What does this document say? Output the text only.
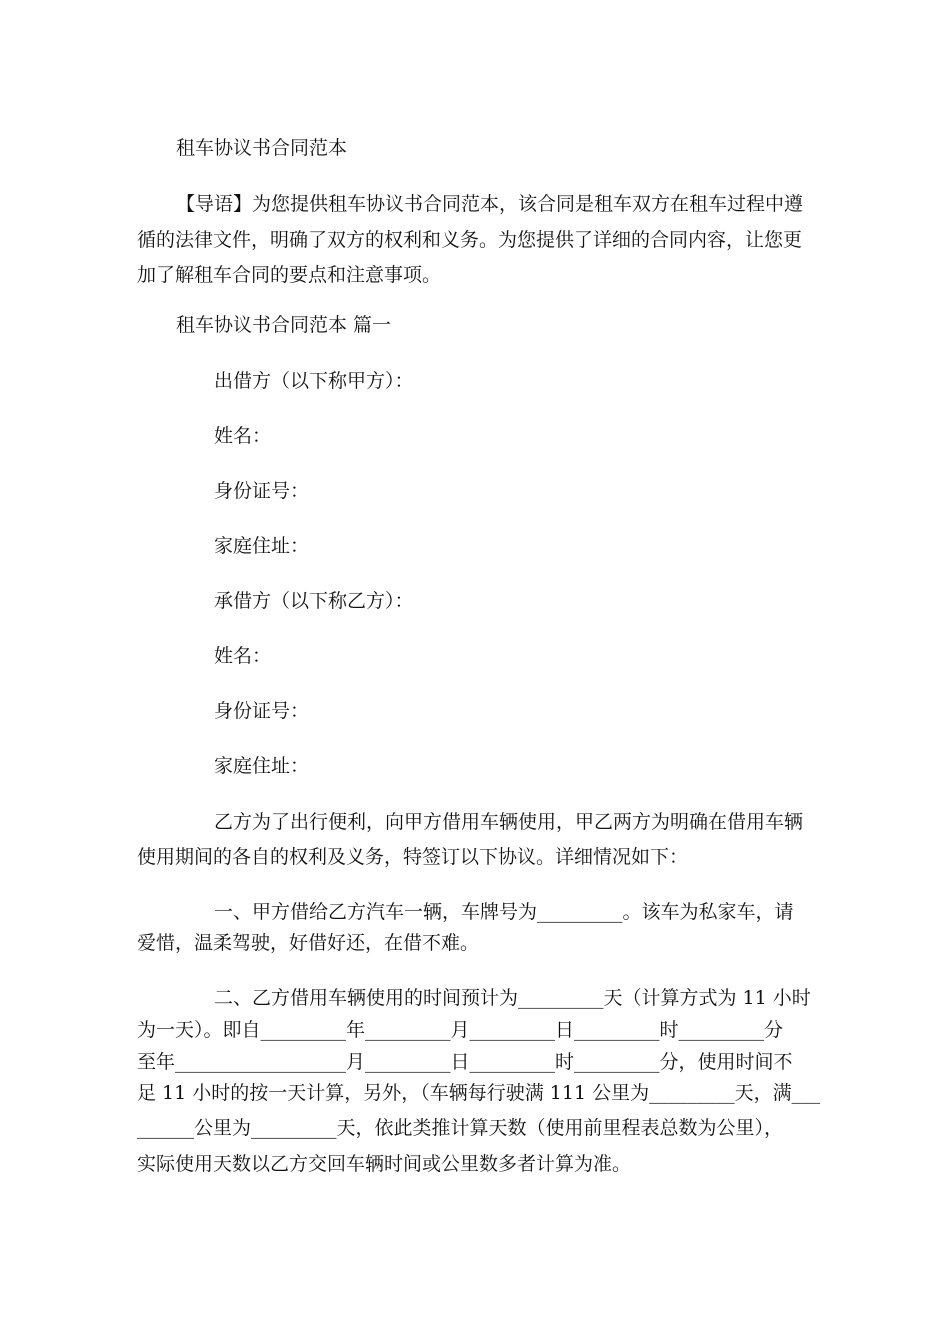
租车协议书合同范本
【导语】为您提供租车协议书合同范本，该合同是租车双方在租车过程中遵
循的法律文件，明确了双方的权利和义务。为您提供了详细的合同内容，让您更
加了解租车合同的要点和注意事项。
租车协议书合同范本 篇一
出借方（以下称甲方）：
姓名：
身份证号：
家庭住址：
承借方（以下称乙方）：
姓名：
身份证号：
家庭住址：
乙方为了出行便利，向甲方借用车辆使用，甲乙两方为明确在借用车辆
使用期间的各自的权利及义务，特签订以下协议。详细情况如下：
一、甲方借给乙方汽车一辆，车牌号为_________。该车为私家车，请
爱惜，温柔驾驶，好借好还，在借不难。
二、乙方借用车辆使用的时间预计为_________天（计算方式为 11 小时
为一天）。即自_________年_________月_________日_________时_________分
至年__________________月_________日_________时_________分，使用时间不
足 11 小时的按一天计算，另外，（车辆每行驶满 111 公里为_________天，满___
______公里为_________天，依此类推计算天数（使用前里程表总数为公里），
实际使用天数以乙方交回车辆时间或公里数多者计算为准。
